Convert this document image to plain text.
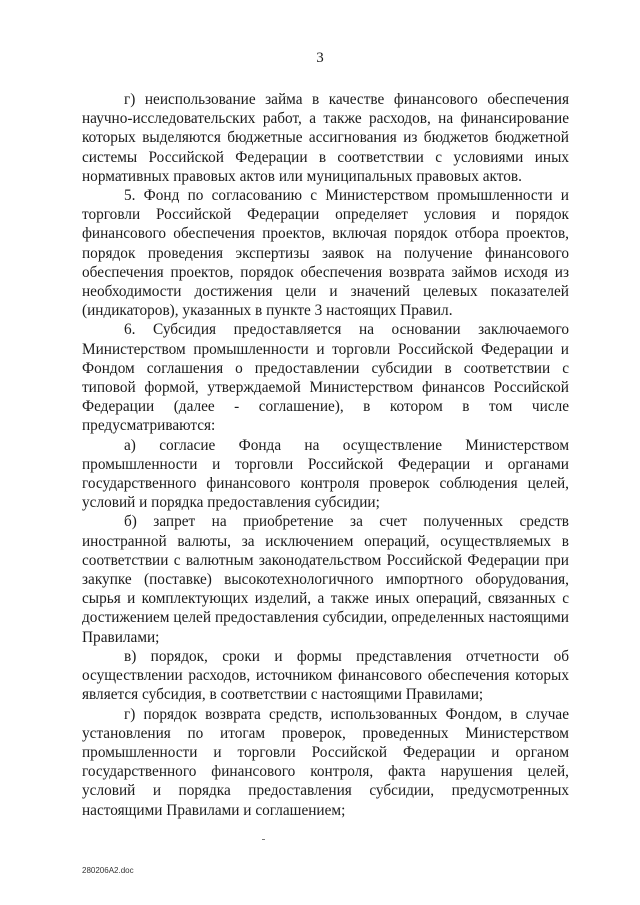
3

г) неиспользование займа в качестве финансового обеспечения научно-исследовательских работ, а также расходов, на финансирование которых выделяются бюджетные ассигнования из бюджетов бюджетной системы Российской Федерации в соответствии с условиями иных нормативных правовых актов или муниципальных правовых актов.

5. Фонд по согласованию с Министерством промышленности и торговли Российской Федерации определяет условия и порядок финансового обеспечения проектов, включая порядок отбора проектов, порядок проведения экспертизы заявок на получение финансового обеспечения проектов, порядок обеспечения возврата займов исходя из необходимости достижения цели и значений целевых показателей (индикаторов), указанных в пункте 3 настоящих Правил.

6. Субсидия предоставляется на основании заключаемого Министерством промышленности и торговли Российской Федерации и Фондом соглашения о предоставлении субсидии в соответствии с типовой формой, утверждаемой Министерством финансов Российской Федерации (далее - соглашение), в котором в том числе предусматриваются:

а) согласие Фонда на осуществление Министерством промышленности и торговли Российской Федерации и органами государственного финансового контроля проверок соблюдения целей, условий и порядка предоставления субсидии;

б) запрет на приобретение за счет полученных средств иностранной валюты, за исключением операций, осуществляемых в соответствии с валютным законодательством Российской Федерации при закупке (поставке) высокотехнологичного импортного оборудования, сырья и комплектующих изделий, а также иных операций, связанных с достижением целей предоставления субсидии, определенных настоящими Правилами;

в) порядок, сроки и формы представления отчетности об осуществлении расходов, источником финансового обеспечения которых является субсидия, в соответствии с настоящими Правилами;

г) порядок возврата средств, использованных Фондом, в случае установления по итогам проверок, проведенных Министерством промышленности и торговли Российской Федерации и органом государственного финансового контроля, факта нарушения целей, условий и порядка предоставления субсидии, предусмотренных настоящими Правилами и соглашением;

280206A2.doc
